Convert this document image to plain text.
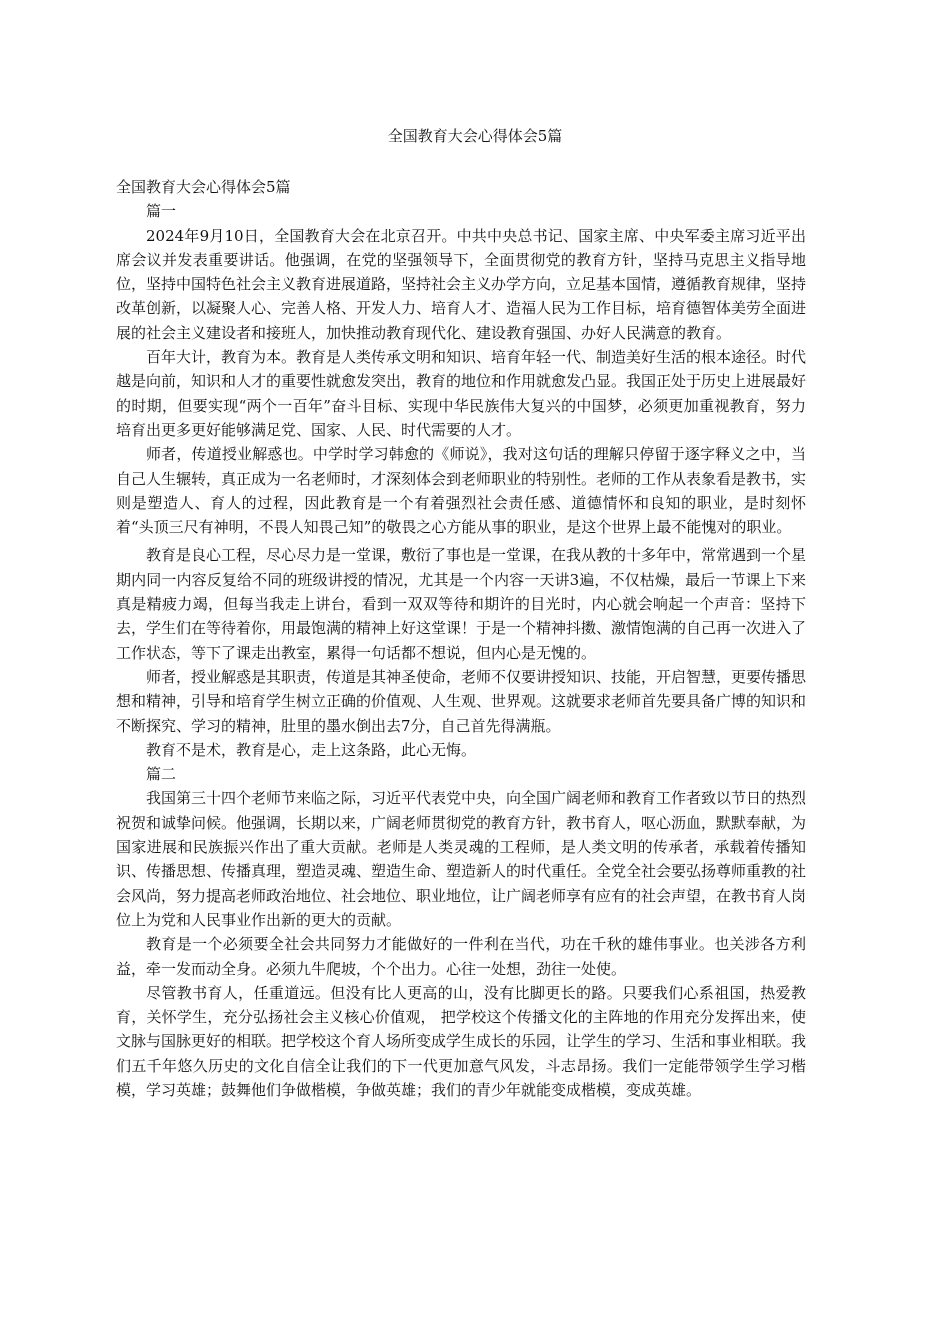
全国教育大会心得体会5篇

全国教育大会心得体会5篇

篇一

2024年9月10日，全国教育大会在北京召开。中共中央总书记、国家主席、中央军委主席习近平出席会议并发表重要讲话。他强调，在党的坚强领导下，全面贯彻党的教育方针，坚持马克思主义指导地位，坚持中国特色社会主义教育进展道路，坚持社会主义办学方向，立足基本国情，遵循教育规律，坚持改革创新，以凝聚人心、完善人格、开发人力、培育人才、造福人民为工作目标，培育德智体美劳全面进展的社会主义建设者和接班人，加快推动教育现代化、建设教育强国、办好人民满意的教育。

百年大计，教育为本。教育是人类传承文明和知识、培育年轻一代、制造美好生活的根本途径。时代越是向前，知识和人才的重要性就愈发突出，教育的地位和作用就愈发凸显。我国正处于历史上进展最好的时期，但要实现“两个一百年”奋斗目标、实现中华民族伟大复兴的中国梦，必须更加重视教育，努力培育出更多更好能够满足党、国家、人民、时代需要的人才。

师者，传道授业解惑也。中学时学习韩愈的《师说》，我对这句话的理解只停留于逐字释义之中，当自己人生辗转，真正成为一名老师时，才深刻体会到老师职业的特别性。老师的工作从表象看是教书，实则是塑造人、育人的过程，因此教育是一个有着强烈社会责任感、道德情怀和良知的职业，是时刻怀着“头顶三尺有神明，不畏人知畏己知”的敬畏之心方能从事的职业，是这个世界上最不能愧对的职业。

教育是良心工程，尽心尽力是一堂课，敷衍了事也是一堂课，在我从教的十多年中，常常遇到一个星期内同一内容反复给不同的班级讲授的情况，尤其是一个内容一天讲3遍，不仅枯燥，最后一节课上下来真是精疲力竭，但每当我走上讲台，看到一双双等待和期许的目光时，内心就会响起一个声音：坚持下去，学生们在等待着你，用最饱满的精神上好这堂课！于是一个精神抖擞、激情饱满的自己再一次进入了工作状态，等下了课走出教室，累得一句话都不想说，但内心是无愧的。

师者，授业解惑是其职责，传道是其神圣使命，老师不仅要讲授知识、技能，开启智慧，更要传播思想和精神，引导和培育学生树立正确的价值观、人生观、世界观。这就要求老师首先要具备广博的知识和不断探究、学习的精神，肚里的墨水倒出去7分，自己首先得满瓶。

教育不是术，教育是心，走上这条路，此心无悔。

篇二

我国第三十四个老师节来临之际，习近平代表党中央，向全国广阔老师和教育工作者致以节日的热烈祝贺和诚挚问候。他强调，长期以来，广阔老师贯彻党的教育方针，教书育人，呕心沥血，默默奉献，为国家进展和民族振兴作出了重大贡献。老师是人类灵魂的工程师，是人类文明的传承者，承载着传播知识、传播思想、传播真理，塑造灵魂、塑造生命、塑造新人的时代重任。全党全社会要弘扬尊师重教的社会风尚，努力提高老师政治地位、社会地位、职业地位，让广阔老师享有应有的社会声望，在教书育人岗位上为党和人民事业作出新的更大的贡献。

教育是一个必须要全社会共同努力才能做好的一件利在当代，功在千秋的雄伟事业。也关涉各方利益，牵一发而动全身。必须九牛爬坡，个个出力。心往一处想，劲往一处使。

尽管教书育人，任重道远。但没有比人更高的山，没有比脚更长的路。只要我们心系祖国，热爱教育，关怀学生，充分弘扬社会主义核心价值观， 把学校这个传播文化的主阵地的作用充分发挥出来，使文脉与国脉更好的相联。把学校这个育人场所变成学生成长的乐园，让学生的学习、生活和事业相联。我们五千年悠久历史的文化自信全让我们的下一代更加意气风发，斗志昂扬。我们一定能带领学生学习楷模，学习英雄；鼓舞他们争做楷模，争做英雄；我们的青少年就能变成楷模，变成英雄。
